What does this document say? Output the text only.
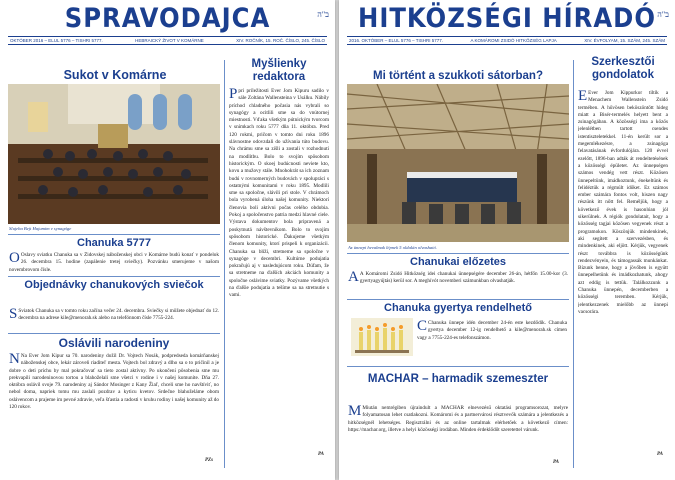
SPRAVODAJCA	ב"ה
OKTÓBER 2016 – ELUL 5776 – TISHRI 5777.	HEBRAICKÝ ŽIVOT V KOMÁRNE	XIV. ROČNÍK, 15. ROČ. ČÍSLO, 245. ČÍSLO
Sukot v Komárne
Slujeba Bejt Hajumim v synagóge
Chanuka 5777
O Oslavy sviatku Chanuka sa v Židovskej náboženskej obci v Komárne budú konať v pondelok 26. decembra 15. hodine (zapálenie tretej sviečky). Pozvánku smerujeme v našom novembrovom čísle.
Objednávky chanukových sviečok
S Sviatok Chanuka sa v tomto roku začína večer 24. decembra. Sviečky si môžete objednať do 12. decembra na adrese kile@menorah.sk alebo na telefónnom čísle 7755-224.
Oslávili narodeniny
N Na Ever Jom Kipur sa 70. narodeniny dožil Dr. Vojtech Nosák, podpredseda komárňanskej náboženskej obce, lekár zároveň riaditeľ mesta. Vojtech bol zdravý a dlho sa o to pričinil a je dobre o deti príchu by mal pokračovať sa tieto zostal aktívny. Po ukončení pôsobenia sme mu prekvapili narodeninovou tortou a blahoželali sme všetci v rodine i v našej komunite. Dňa 27. októbra oslávil svoje 79. narodeniny aj Sándor Mosinger z Kany Žiaľ, chceli sme ho navštíviť, no nebol doma, napriek tomu mu zaslali pozdrav a kyticu kvetov. Srdečne blahoželáme obom oslávencom a prajeme im pevné zdravie, veľa šťastia a radosti v kruhu rodiny i našej komunity až do 120 rokov.
PZs
Myšlienky redaktora
Ppri príležitosti Ever Jom Kipuru sadilo v sále Zoltána Wallensteina v Usálku. Nábíly príchod chladného počasia nás vybrali so synagógy a ocitlili sme sa do vnútornej miestnosti. Vďaka všetkým pútnickým tvorcom v snímkach roku 5777 dňa 11. októbra. Pred 120 rokmi, pričom v tomto dni roku 1896 slávnostne odovzdali do užívania túto budovu. Na chrámu sme sa zišli a zostali v rozhodnutí na modlitbu. Bolo to svojím spôsobom historickým. O skoej budúcnosti neviete kto, kovu a mužovy stále. Mnohokrát sa ich zoznam budú v rovnomerných budovách v spolupráci s ostatnými komunitami v roku 1895. Modlili sme sa spoločne, slávili pri stole. V chrámoch bola vyrobená úloha našej komunity. Niektorí členovia boli aktívni počas celého obdobia. Pokoj a spoločenstvo patria medzi hlavné ciele. Výstava dokumentov bola pripravená a poskytnutá návštevníkom. Bolo to svojím spôsobom historické. Ďakujeme všetkým členom komunity, ktorí prispeli k organizácii. Chanuka sa blíži, stretneme sa spoločne v synagóge v decembri. Kultúrne podujatia pokračujú aj v nasledujúcom roku. Dúfam, že sa stretneme na ďalších akciách komunity a spoločne oslávime sviatky. Pozývame všetkých na ďalšie podujatia a tešíme sa na stretnutie s vami.
PA
HITKÖZSÉGI HÍRADÓ ב"ה
2016. OKTÓBER – ELUL 5776 – TISHRI 5777.	A KOMÁROMI ZSIDÓ HITKÖZSÉG LAPJA	XIV. ÉVFOLYAM, 15. SZÁM, 245. SZÁM
Mi történt a szukkoti sátorban?
Az ünnepi hevalmak lépnek 5 oldalán olvasható.
Chanukai előzetes
A A Komáromi Zsidó Hitközség idei chanukai ünnepségére december 26-án, hétfőn 15.00-kor (3. gyertyagyújtás) kerül sor. A meghívót novemberi számunkban olvashatják.
Chanuka gyertya rendelhető
C Chanuka ünnepe idén december 24-én este kezdődik. Chanuka gyertya december 12-ig rendelhető a kile@menorah.sk címen vagy a 7755-224-es telefonszámon.
MACHAR – harmadik szemeszter
M Miután nemrégiben újraindult a MACHAR elnevezésű oktatási programsorozat, melyre folyamatosan lehet csatlakozni. Komáromi és a partnervárosi résztvevők számára a jelentkezés a hitközségnél lehetséges. Regisztrálni és az online tartalmak elérhetőek a következő címen: https://machar.org, illetve a helyi közösségi irodában. Minden érdeklődőt szeretettel várunk.
PA
Szerkesztői gondolatok
E Ever Jom Kippurkor tiltik a Menachem Wallenstein Zsidó termében. A hűvösen beköszöntött hideg miatt a Bisér-termelés helyett bent a zsinagógában. A közösségi ima a közös jelenlétben tartott csendes istentiszteletekkel. 11-én került sor a megemlékezésre, a zsinagóga felavatásának évfordulójára. 120 évvel ezelőtt, 1896-ban adták át rendeltetésének a közösségi épületet. Az ünnepségen számos vendég vett részt. Közösen ünnepeltünk, imádkoztunk, énekeltünk és felidéztük a régmúlt időket. Ez számos ember számára fontos volt, hiszen nagy részünk itt nőtt fel. Reméljük, hogy a következő évek is hasonlóan jól sikerülnek. A régiók gondolatait, hogy a közösség tagjai közösen vegyenek részt a programokon. Köszönjük mindenkinek, aki segített a szervezésben, és mindenkinek, aki eljött. Kérjük, vegyenek részt továbbra is közösségünk rendezvényein, és támogassák munkánkat. Bízunk benne, hogy a jövőben is együtt ünnepelhetünk és imádkozhatunk, ahogy azt eddig is tettük. Találkozzunk a Chanuka ünnepén, decemberben a közösségi teremben. Kérjük, jelentkezzenek mielőbb az ünnepi vacsorára.
PA
